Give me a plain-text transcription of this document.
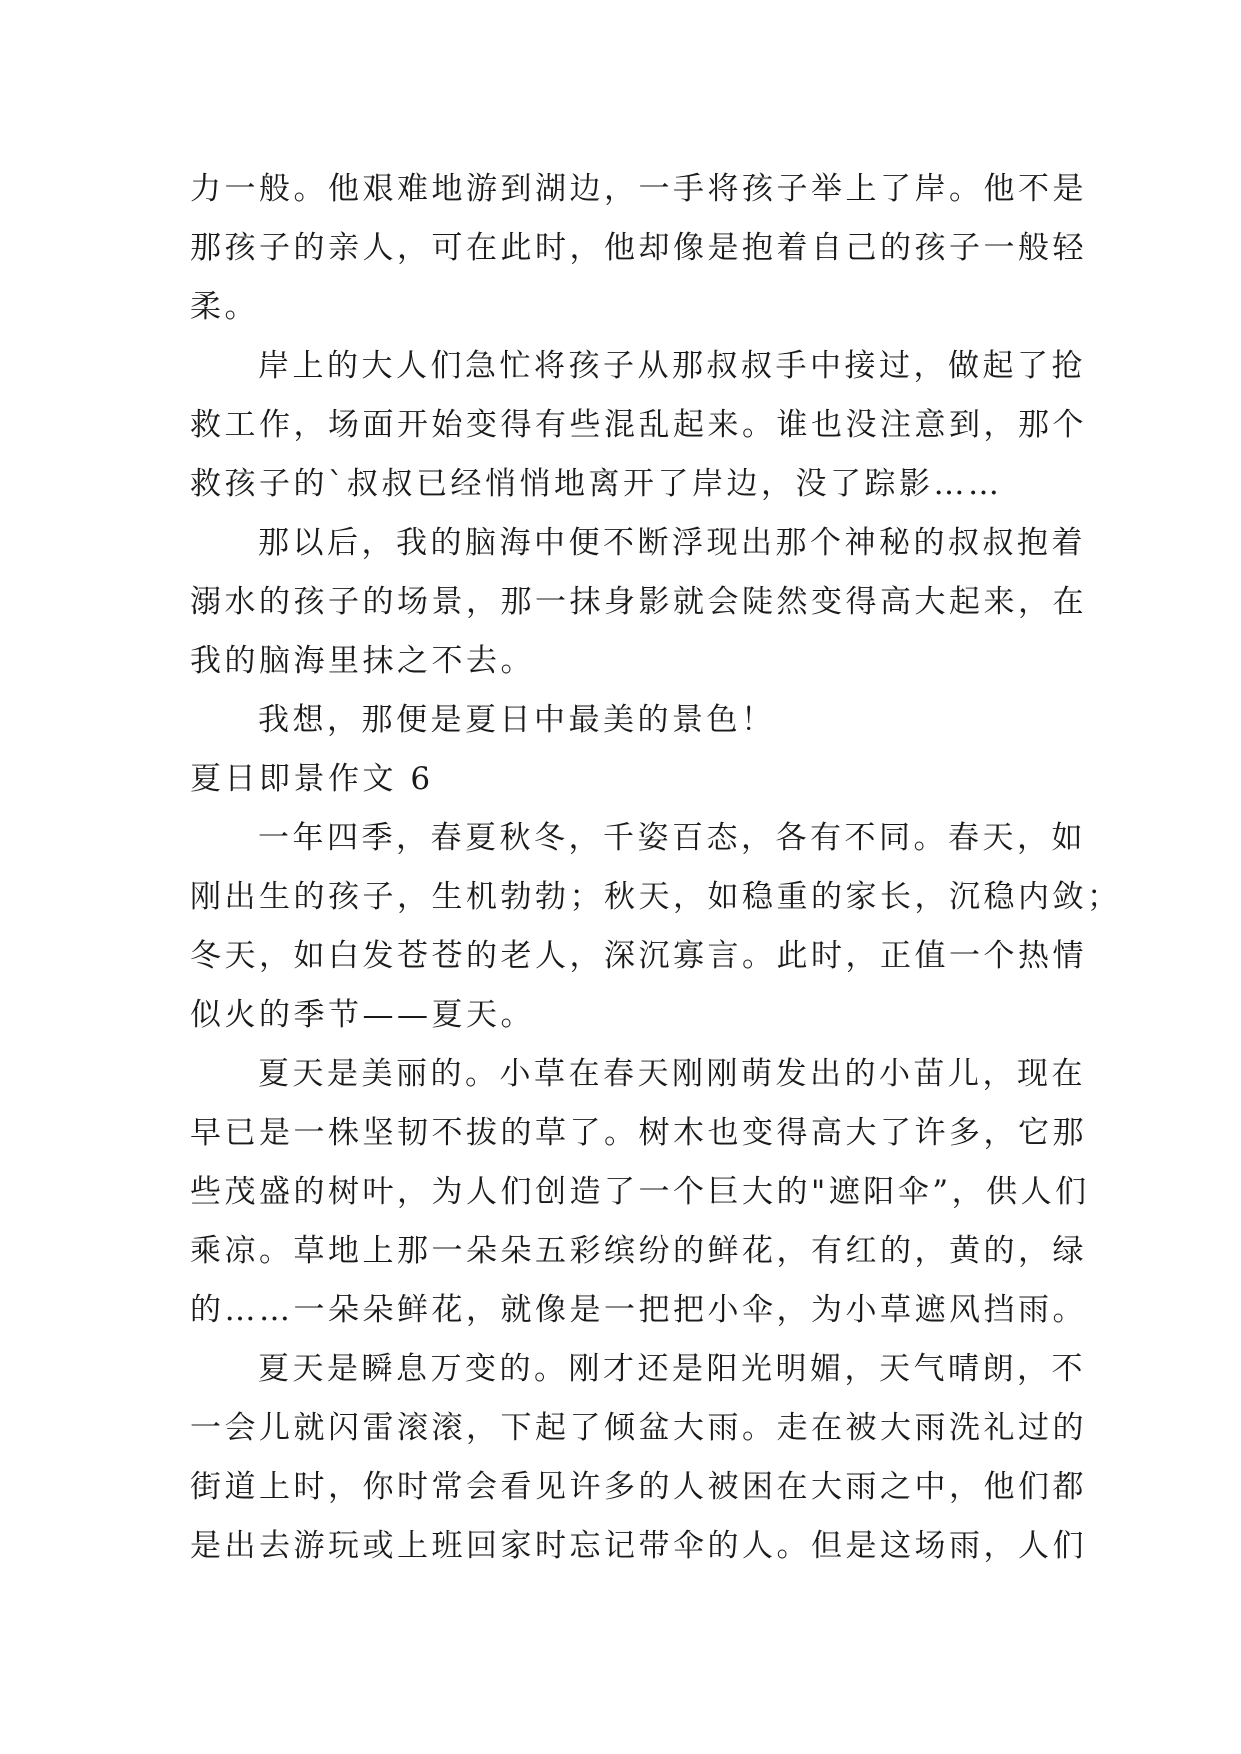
力一般。他艰难地游到湖边，一手将孩子举上了岸。他不是
那孩子的亲人，可在此时，他却像是抱着自己的孩子一般轻
柔。
岸上的大人们急忙将孩子从那叔叔手中接过，做起了抢
救工作，场面开始变得有些混乱起来。谁也没注意到，那个
救孩子的`叔叔已经悄悄地离开了岸边，没了踪影……
那以后，我的脑海中便不断浮现出那个神秘的叔叔抱着
溺水的孩子的场景，那一抹身影就会陡然变得高大起来，在
我的脑海里抹之不去。
我想，那便是夏日中最美的景色！
夏日即景作文 6
一年四季，春夏秋冬，千姿百态，各有不同。春天，如
刚出生的孩子，生机勃勃；秋天，如稳重的家长，沉稳内敛；
冬天，如白发苍苍的老人，深沉寡言。此时，正值一个热情
似火的季节——夏天。
夏天是美丽的。小草在春天刚刚萌发出的小苗儿，现在
早已是一株坚韧不拔的草了。树木也变得高大了许多，它那
些茂盛的树叶，为人们创造了一个巨大的"遮阳伞”，供人们
乘凉。草地上那一朵朵五彩缤纷的鲜花，有红的，黄的，绿
的……一朵朵鲜花，就像是一把把小伞，为小草遮风挡雨。
夏天是瞬息万变的。刚才还是阳光明媚，天气晴朗，不
一会儿就闪雷滚滚，下起了倾盆大雨。走在被大雨洗礼过的
街道上时，你时常会看见许多的人被困在大雨之中，他们都
是出去游玩或上班回家时忘记带伞的人。但是这场雨，人们
